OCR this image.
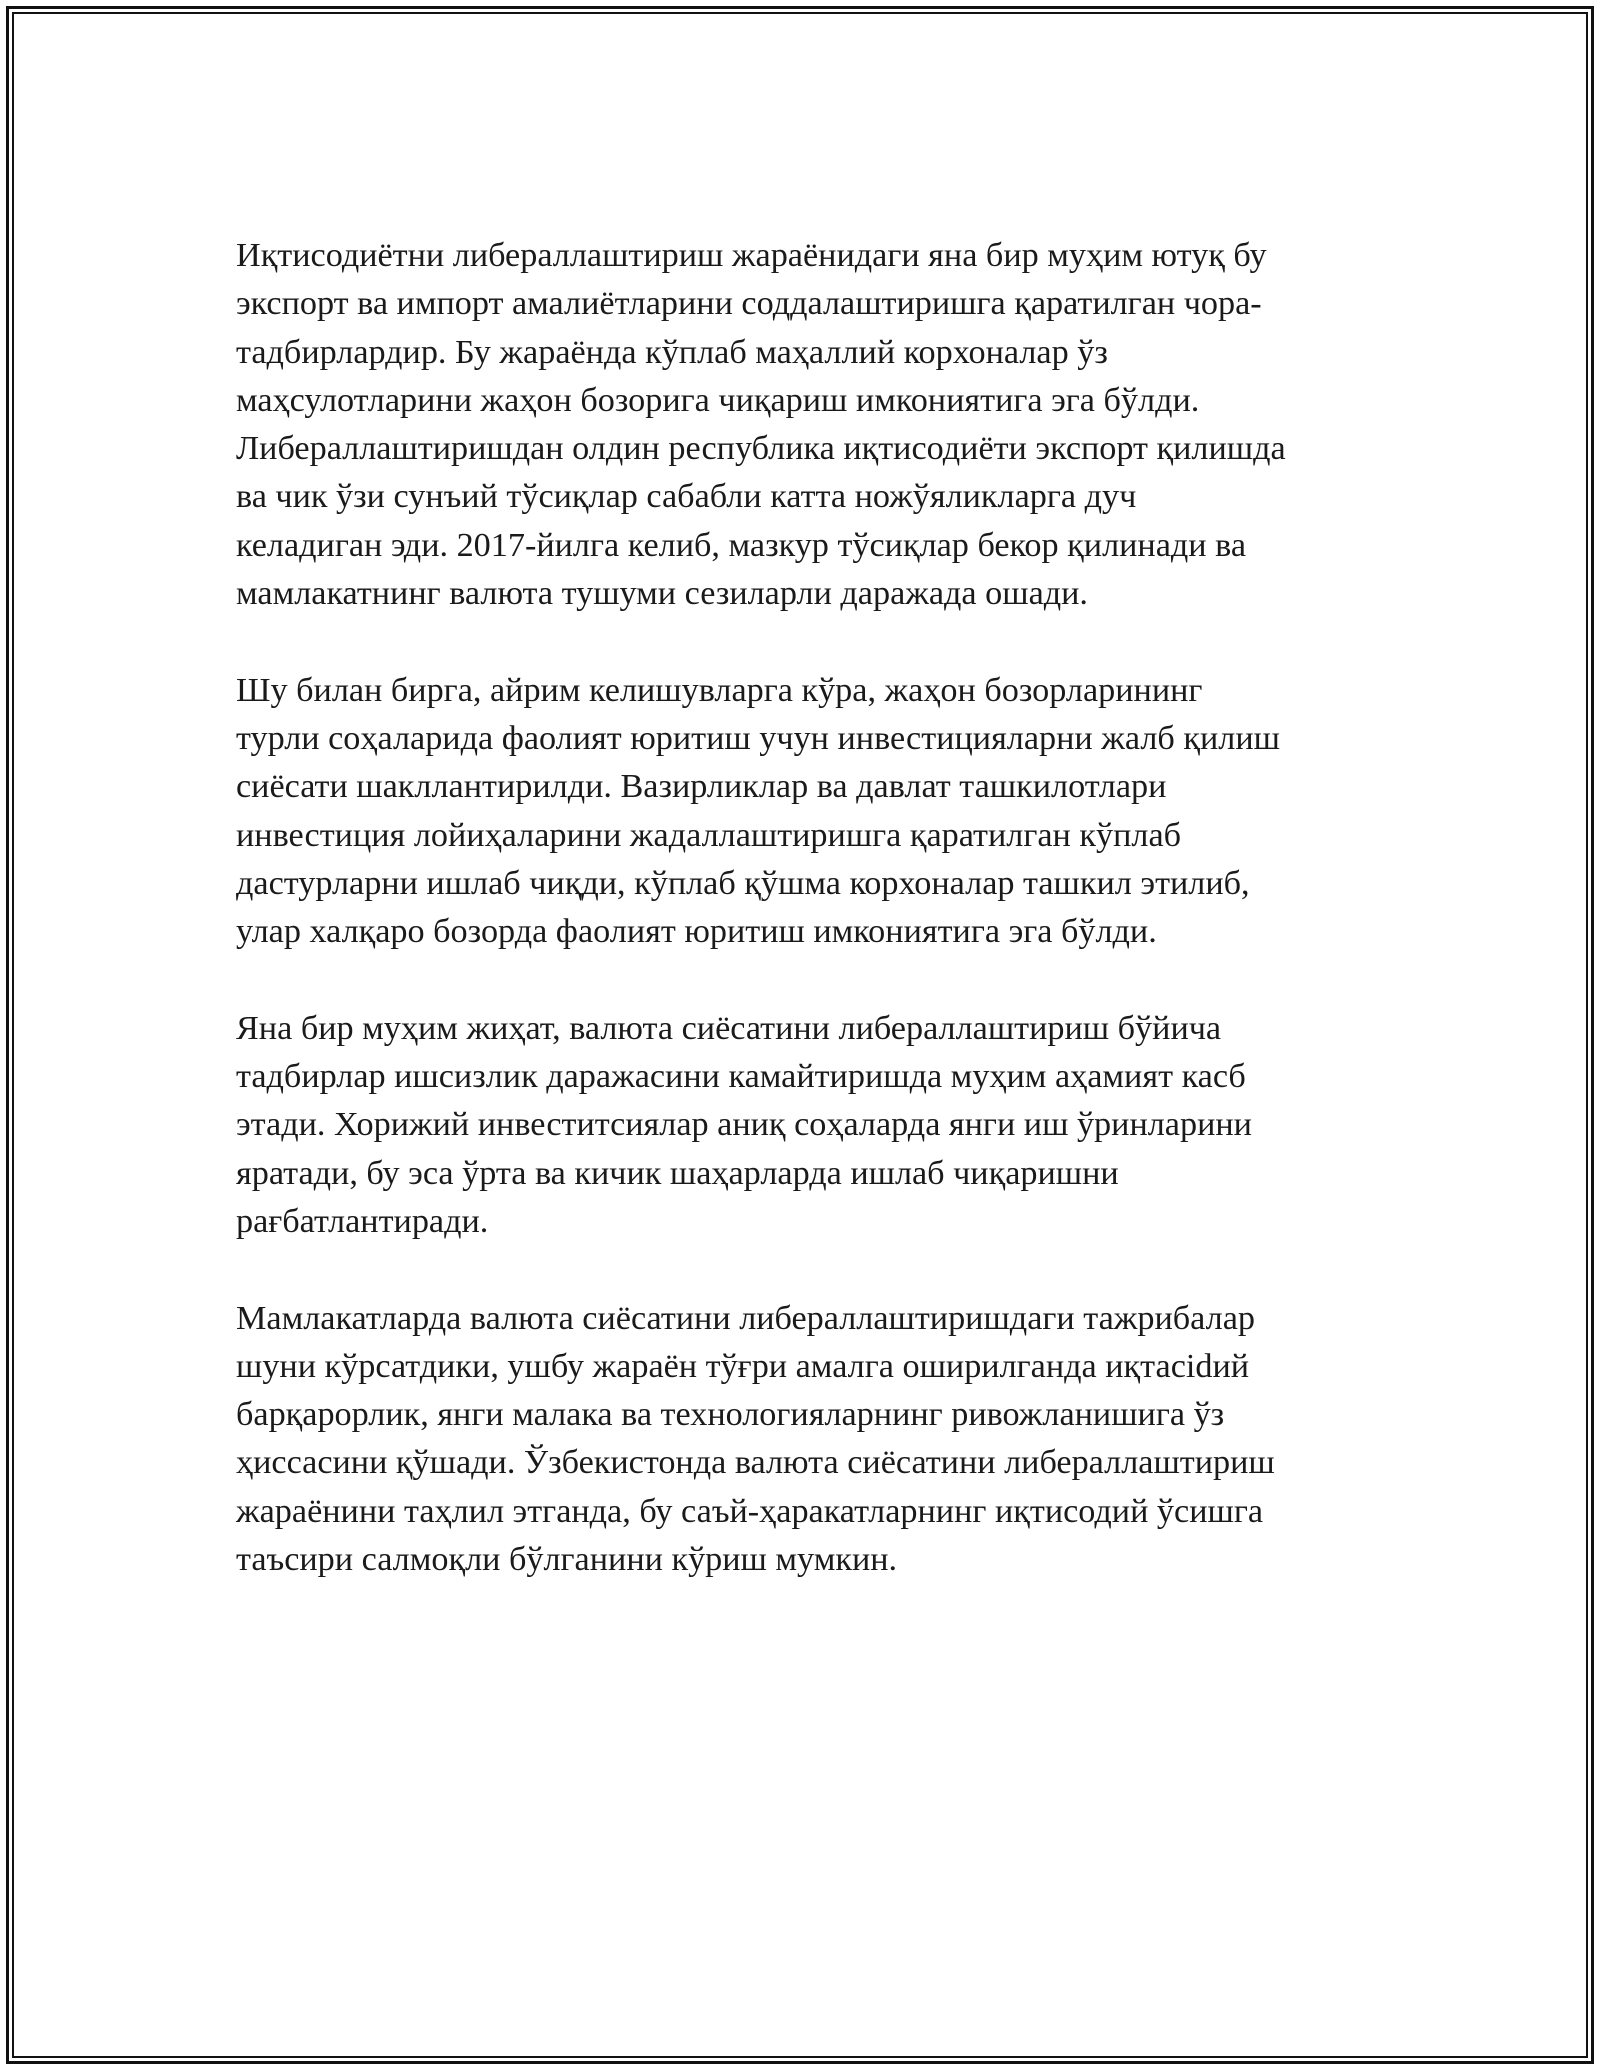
Иқтисодиётни либераллаштириш жараёнидаги яна бир муҳим ютуқ бу
экспорт ва импорт амалиётларини соддалаштиришга қаратилган чора-
тадбирлардир. Бу жараёнда кўплаб маҳаллий корхоналар ўз
маҳсулотларини жаҳон бозорига чиқариш имкониятига эга бўлди.
Либераллаштиришдан олдин республика иқтисодиёти экспорт қилишда
ва чик ўзи сунъий тўсиқлар сабабли катта ножўяликларга дуч
келадиган эди. 2017-йилга келиб, мазкур тўсиқлар бекор қилинади ва
мамлакатнинг валюта тушуми сезиларли даражада ошади.
Шу билан бирга, айрим келишувларга кўра, жаҳон бозорларининг
турли соҳаларида фаолият юритиш учун инвестицияларни жалб қилиш
сиёсати шакллантирилди. Вазирликлар ва давлат ташкилотлари
инвестиция лойиҳаларини жадаллаштиришга қаратилган кўплаб
дастурларни ишлаб чиқди, кўплаб қўшма корхоналар ташкил этилиб,
улар халқаро бозорда фаолият юритиш имкониятига эга бўлди.
Яна бир муҳим жиҳат, валюта сиёсатини либераллаштириш бўйича
тадбирлар ишсизлик даражасини камайтиришда муҳим аҳамият касб
этади. Хорижий инвеститсиялар аниқ соҳаларда янги иш ўринларини
яратади, бу эса ўрта ва кичик шаҳарларда ишлаб чиқаришни
рағбатлантиради.
Мамлакатларда валюта сиёсатини либераллаштиришдаги тажрибалар
шуни кўрсатдики, ушбу жараён тўғри амалга оширилганда иқтасidий
барқарорлик, янги малака ва технологияларнинг ривожланишига ўз
ҳиссасини қўшади. Ўзбекистонда валюта сиёсатини либераллаштириш
жараёнини таҳлил этганда, бу саъй-ҳаракатларнинг иқтисодий ўсишга
таъсири салмоқли бўлганини кўриш мумкин.
